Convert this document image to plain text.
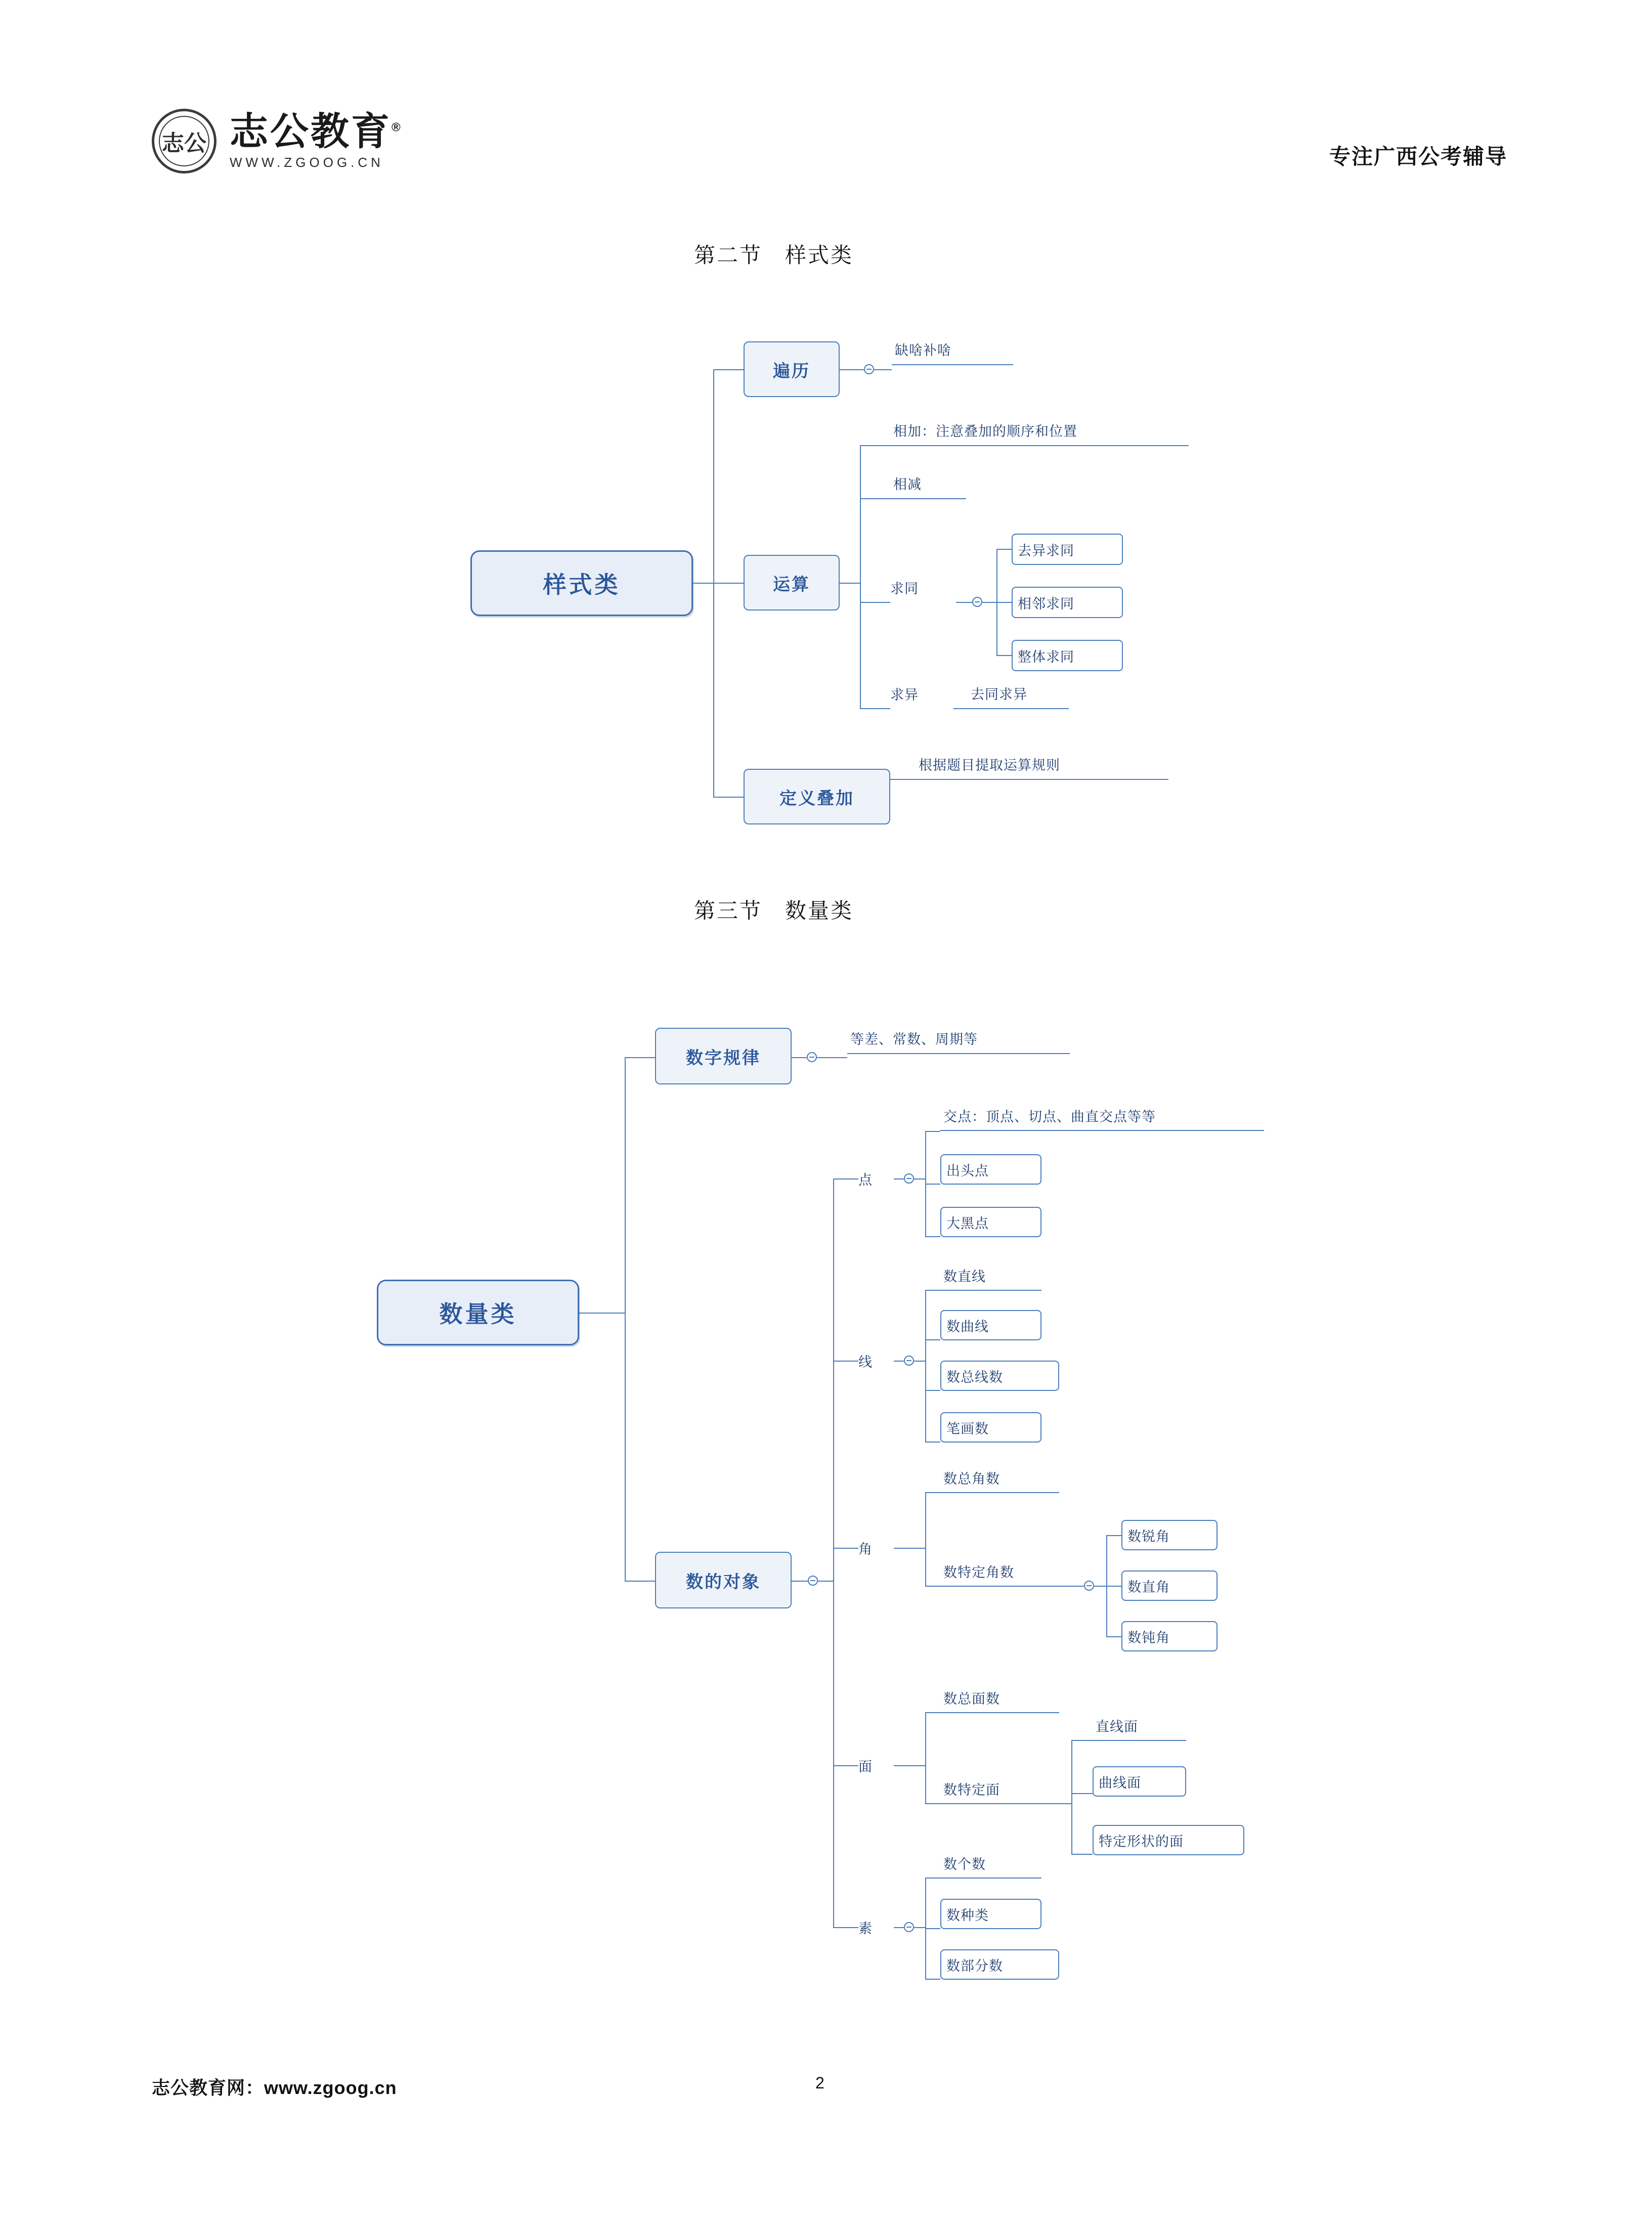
志公 志公教育®
WWW.ZGOOG.CN	专注广西公考辅导
第二节　样式类
样式类
遍历
缺啥补啥
运算
相加：注意叠加的顺序和位置
相减
求同
去异求同
相邻求同
整体求同
求异	去同求异
定义叠加
根据题目提取运算规则
第三节　数量类
数量类
数字规律
等差、常数、周期等
数的对象
点
交点：顶点、切点、曲直交点等等
出头点
大黑点
线
数直线
数曲线
数总线数
笔画数
角
数总角数
数特定角数
数锐角
数直角
数钝角
面
数总面数
数特定面
直线面
曲线面
特定形状的面
素
数个数
数种类
数部分数
志公教育网：www.zgoog.cn	2
